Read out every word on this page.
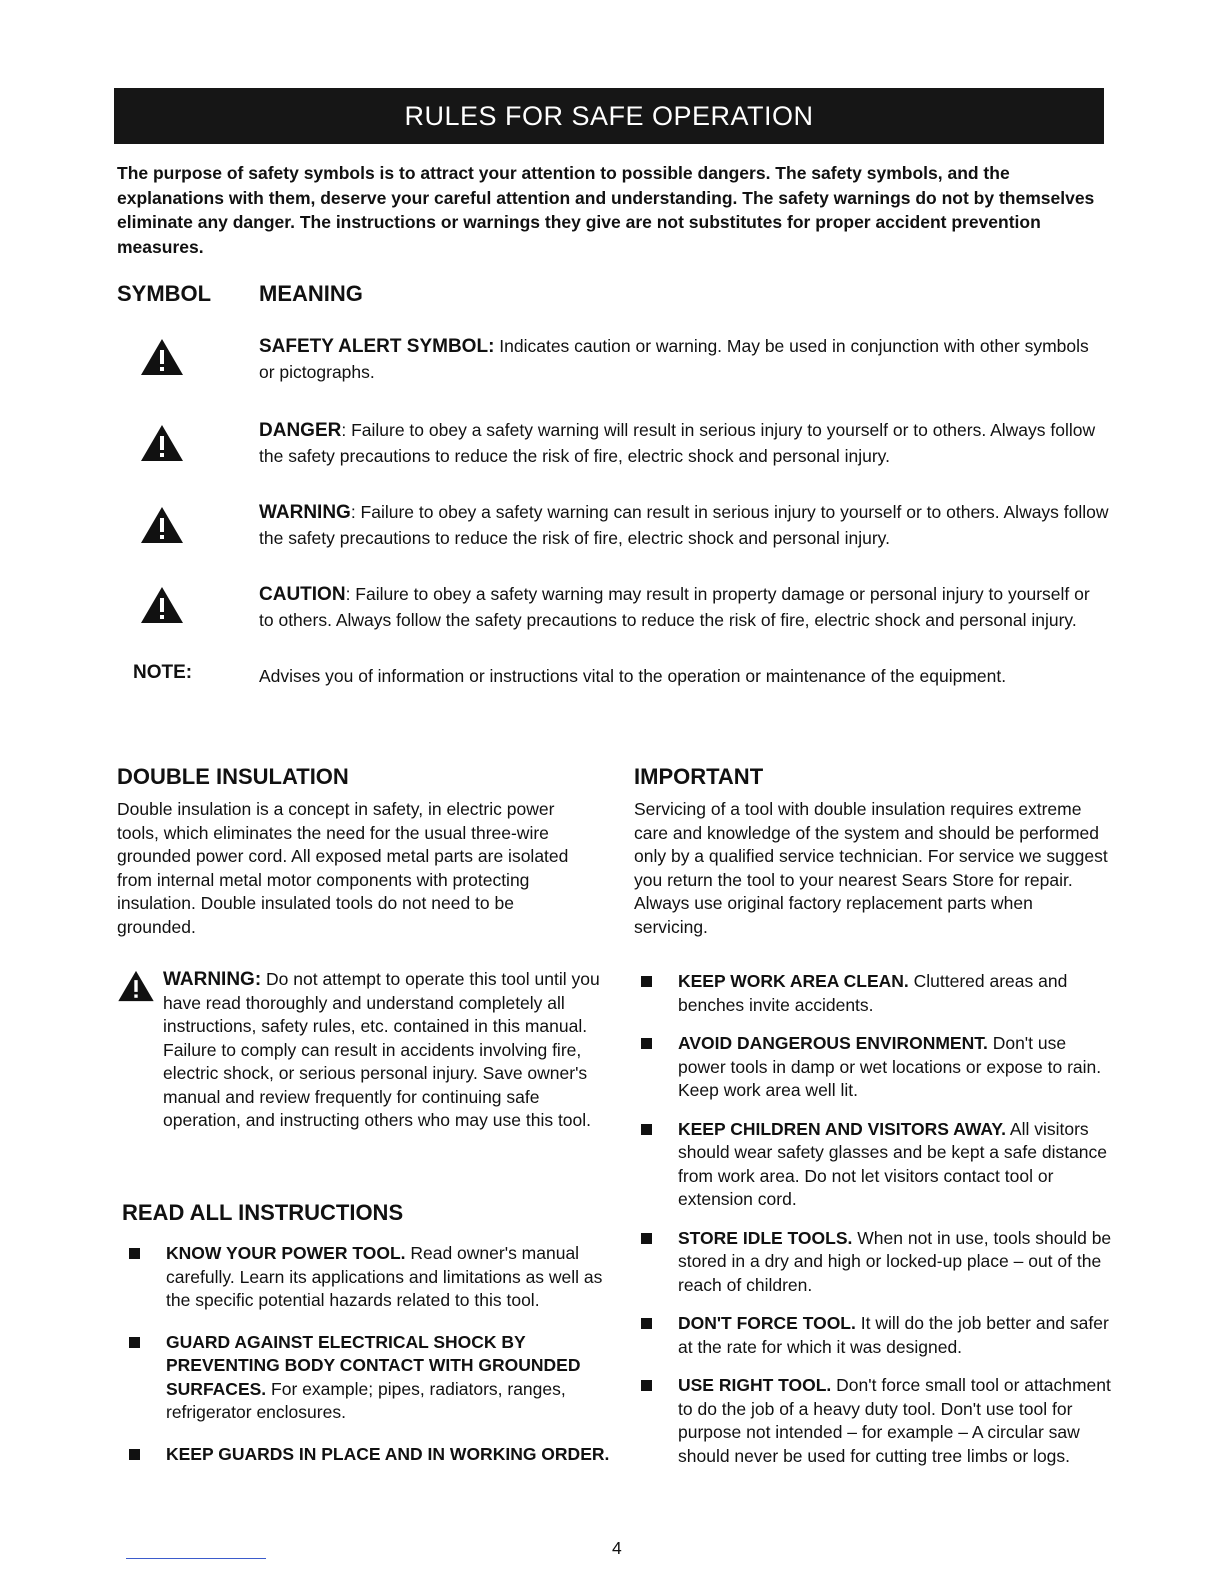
RULES FOR SAFE OPERATION
The purpose of safety symbols is to attract your attention to possible dangers. The safety symbols, and the explanations with them, deserve your careful attention and understanding. The safety warnings do not by themselves eliminate any danger. The instructions or warnings they give are not substitutes for proper accident prevention measures.
SYMBOL MEANING
SAFETY ALERT SYMBOL: Indicates caution or warning. May be used in conjunction with other symbols or pictographs.
DANGER: Failure to obey a safety warning will result in serious injury to yourself or to others. Always follow the safety precautions to reduce the risk of fire, electric shock and personal injury.
WARNING: Failure to obey a safety warning can result in serious injury to yourself or to others. Always follow the safety precautions to reduce the risk of fire, electric shock and personal injury.
CAUTION: Failure to obey a safety warning may result in property damage or personal injury to yourself or to others. Always follow the safety precautions to reduce the risk of fire, electric shock and personal injury.
NOTE:	Advises you of information or instructions vital to the operation or maintenance of the equipment.
DOUBLE INSULATION

Double insulation is a concept in safety, in electric power tools, which eliminates the need for the usual three-wire grounded power cord. All exposed metal parts are isolated from internal metal motor components with protecting insulation. Double insulated tools do not need to be grounded.

IMPORTANT

Servicing of a tool with double insulation requires extreme care and knowledge of the system and should be performed only by a qualified service technician. For service we suggest you return the tool to your nearest Sears Store for repair. Always use original factory replacement parts when servicing.

WARNING: Do not attempt to operate this tool until you have read thoroughly and understand completely all instructions, safety rules, etc. contained in this manual. Failure to comply can result in accidents involving fire, electric shock, or serious personal injury. Save owner's manual and review frequently for continuing safe operation, and instructing others who may use this tool.
READ ALL INSTRUCTIONS
KNOW YOUR POWER TOOL. Read owner's manual carefully. Learn its applications and limitations as well as the specific potential hazards related to this tool.
GUARD AGAINST ELECTRICAL SHOCK BY PREVENTING BODY CONTACT WITH GROUNDED SURFACES. For example; pipes, radiators, ranges, refrigerator enclosures.
KEEP GUARDS IN PLACE AND IN WORKING ORDER.
KEEP WORK AREA CLEAN. Cluttered areas and benches invite accidents.
AVOID DANGEROUS ENVIRONMENT. Don't use power tools in damp or wet locations or expose to rain. Keep work area well lit.
KEEP CHILDREN AND VISITORS AWAY. All visitors should wear safety glasses and be kept a safe distance from work area. Do not let visitors contact tool or extension cord.
STORE IDLE TOOLS. When not in use, tools should be stored in a dry and high or locked-up place – out of the reach of children.
DON'T FORCE TOOL. It will do the job better and safer at the rate for which it was designed.
USE RIGHT TOOL. Don't force small tool or attachment to do the job of a heavy duty tool. Don't use tool for purpose not intended – for example – A circular saw should never be used for cutting tree limbs or logs.
4
